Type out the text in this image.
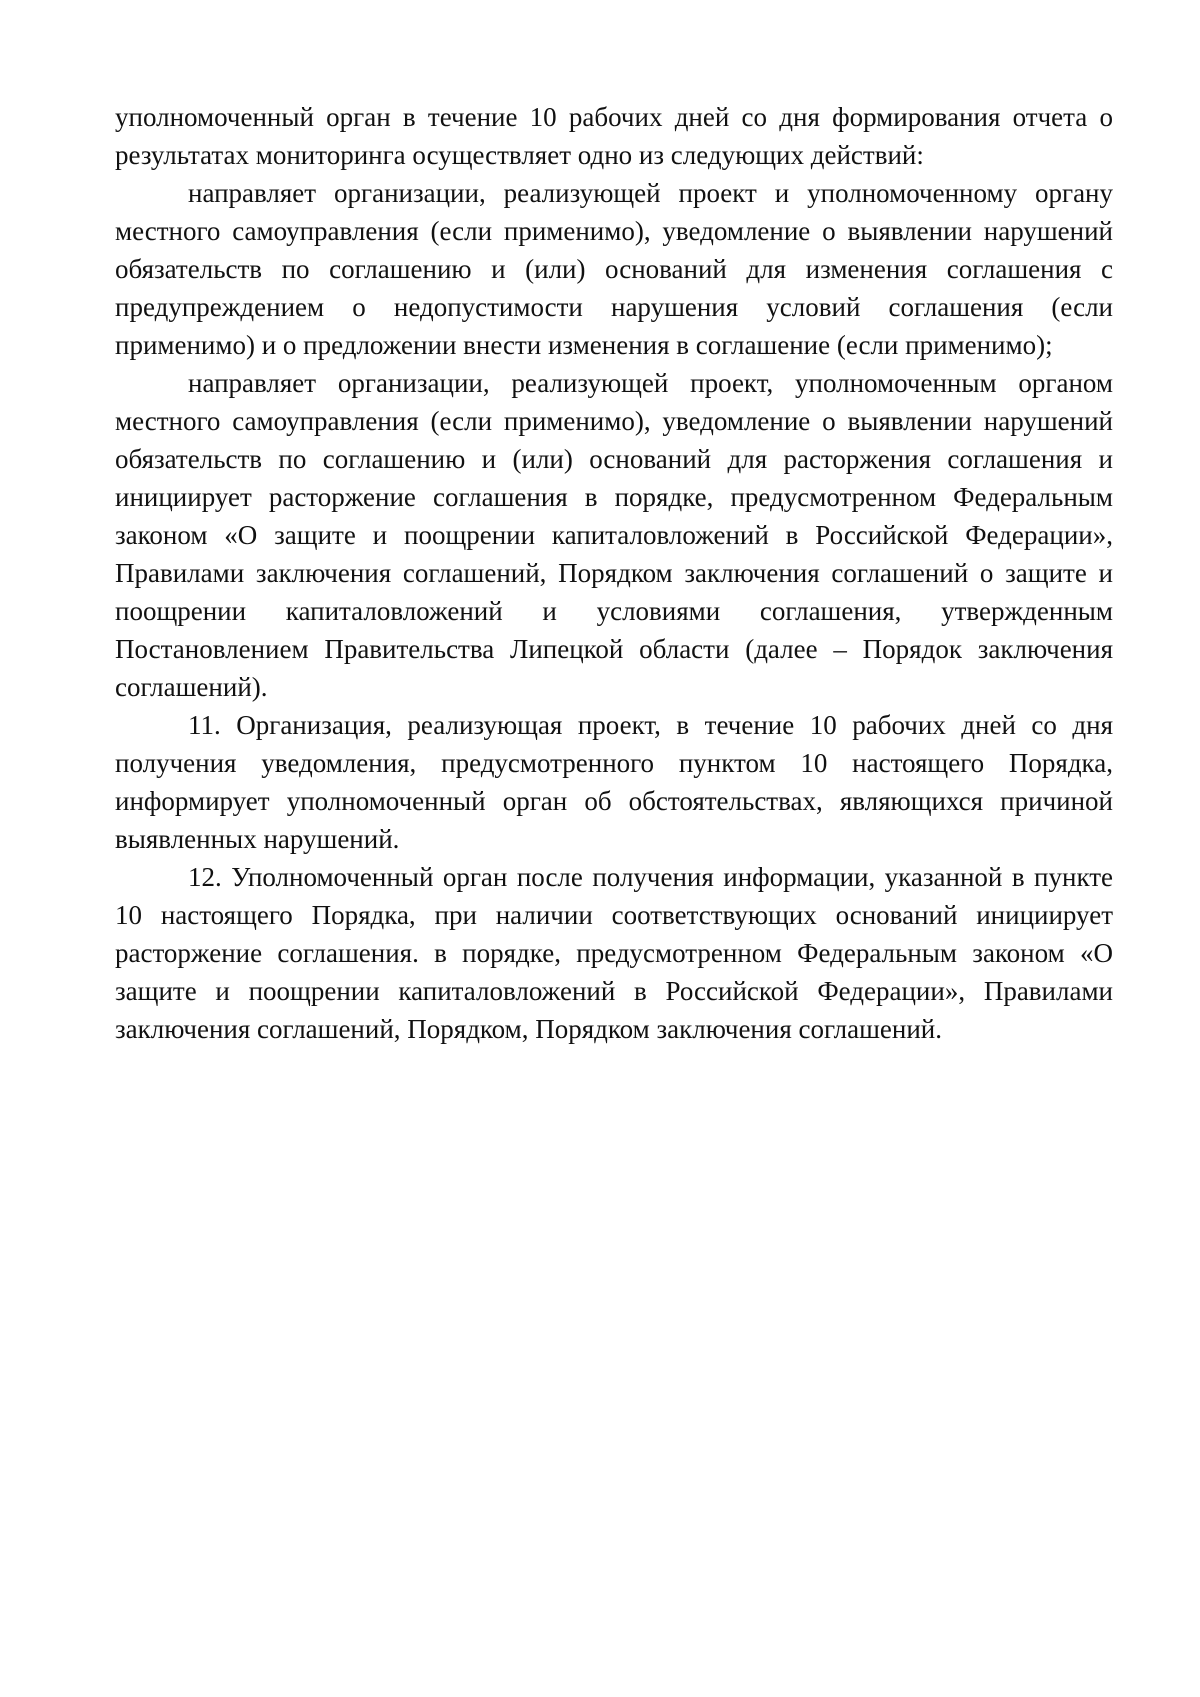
уполномоченный орган в течение 10 рабочих дней со дня формирования отчета о результатах мониторинга осуществляет одно из следующих действий:

направляет организации, реализующей проект и уполномоченному органу местного самоуправления (если применимо), уведомление о выявлении нарушений обязательств по соглашению и (или) оснований для изменения соглашения с предупреждением о недопустимости нарушения условий соглашения (если применимо) и о предложении внести изменения в соглашение (если применимо);

направляет организации, реализующей проект, уполномоченным органом местного самоуправления (если применимо), уведомление о выявлении нарушений обязательств по соглашению и (или) оснований для расторжения соглашения и инициирует расторжение соглашения в порядке, предусмотренном Федеральным законом «О защите и поощрении капиталовложений в Российской Федерации», Правилами заключения соглашений, Порядком заключения соглашений о защите и поощрении капиталовложений и условиями соглашения, утвержденным Постановлением Правительства Липецкой области (далее – Порядок заключения соглашений).

11. Организация, реализующая проект, в течение 10 рабочих дней со дня получения уведомления, предусмотренного пунктом 10 настоящего Порядка, информирует уполномоченный орган об обстоятельствах, являющихся причиной выявленных нарушений.

12. Уполномоченный орган после получения информации, указанной в пункте 10 настоящего Порядка, при наличии соответствующих оснований инициирует расторжение соглашения. в порядке, предусмотренном Федеральным законом «О защите и поощрении капиталовложений в Российской Федерации», Правилами заключения соглашений, Порядком, Порядком заключения соглашений.
